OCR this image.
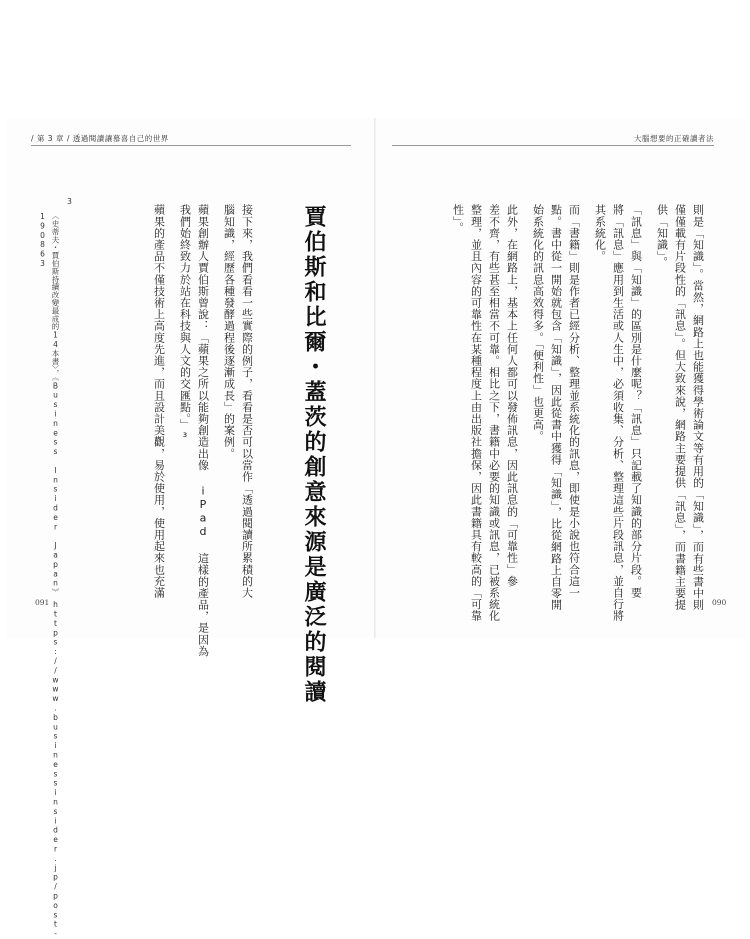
/ 第 3 章 / 透過閱讀讓慕喜自己的世界	大腦想要的正確讀者法
則是「知識」。當然，網路上也能獲得學術論文等有用的「知識」，而有些書中則
僅僅載有片段性的「訊息」。但大致來說，網路主要提供「訊息」，而書籍主要提
供「知識」。
「訊息」與「知識」的區別是什麼呢？「訊息」只記載了知識的部分片段。要
將「訊息」應用到生活或人生中，必須收集、分析、整理這些片段訊息，並自行將
其系統化。
而「書籍」則是作者已經分析、整理並系統化的訊息，即使是小說也符合這一
點。書中從一開始就包含「知識」，因此從書中獲得「知識」，比從網路上自零開
始系統化的訊息高效得多。「便利性」也更高。
此外，在網路上，基本上任何人都可以發佈訊息，因此訊息的「可靠性」參
差不齊，有些甚至相當不可靠。相比之下，書籍中必要的知識或訊息，已被系統化
整理，並且內容的可靠性在某種程度上由出版社擔保，因此書籍具有較高的「可靠
性」。
賈伯斯和比爾・蓋茨的創意來源是廣泛的閱讀
接下來，我們看看一些實際的例子，看看是否可以當作「透過閱讀所累積的大
腦知識，經歷各種發酵過程後逐漸成長」的案例。
蘋果創辦人賈伯斯曾說：「蘋果之所以能夠創造出像 iPad 這樣的產品，是因為
我們始終致力於站在科技與人文的交匯點。」³
蘋果的產品不僅技術上高度先進，而且設計美觀，易於使用，使用起來也充滿
3
〈史蒂夫・賈伯斯持續改變最成的14本書〉，《Business Insider Japan》　https://www.businessinsider.jp/post-
190863
091	090
